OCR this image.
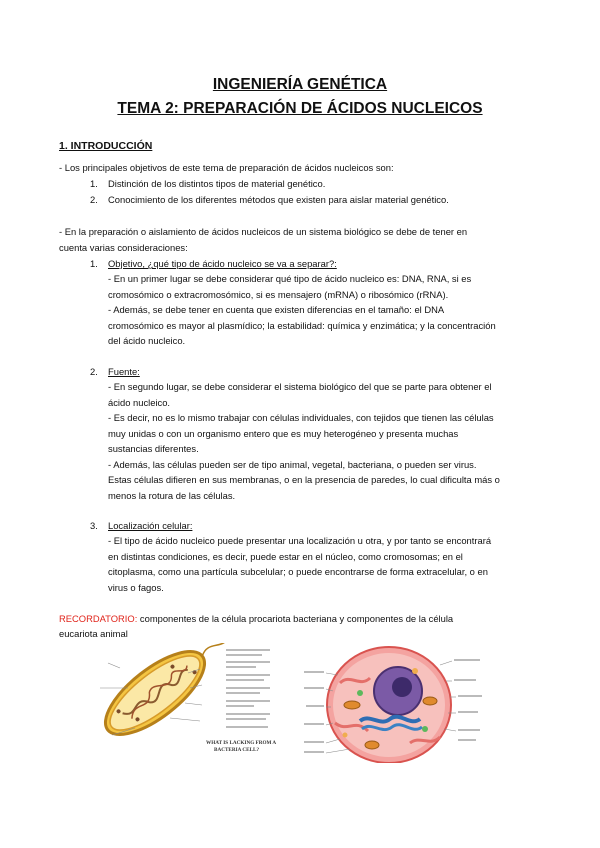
INGENIERÍA GENÉTICA
TEMA 2: PREPARACIÓN DE ÁCIDOS NUCLEICOS
1. INTRODUCCIÓN
- Los principales objetivos de este tema de preparación de ácidos nucleicos son:
1. Distinción de los distintos tipos de material genético.
2. Conocimiento de los diferentes métodos que existen para aislar material genético.
- En la preparación o aislamiento de ácidos nucleicos de un sistema biológico se debe de tener en
cuenta varias consideraciones:
1. Objetivo, ¿qué tipo de ácido nucleico se va a separar?:
- En un primer lugar se debe considerar qué tipo de ácido nucleico es: DNA, RNA, si es
cromosómico o extracromosómico, si es mensajero (mRNA) o ribosómico (rRNA).
- Además, se debe tener en cuenta que existen diferencias en el tamaño: el DNA
cromosómico es mayor al plasmídico; la estabilidad: química y enzimática; y la concentración
del ácido nucleico.
2. Fuente:
- En segundo lugar, se debe considerar el sistema biológico del que se parte para obtener el
ácido nucleico.
- Es decir, no es lo mismo trabajar con células individuales, con tejidos que tienen las células
muy unidas o con un organismo entero que es muy heterogéneo y presenta muchas
sustancias diferentes.
- Además, las células pueden ser de tipo animal, vegetal, bacteriana, o pueden ser virus.
Estas células difieren en sus membranas, o en la presencia de paredes, lo cual dificulta más o
menos la rotura de las células.
3. Localización celular:
- El tipo de ácido nucleico puede presentar una localización u otra, y por tanto se encontrará
en distintas condiciones, es decir, puede estar en el núcleo, como cromosomas; en el
citoplasma, como una partícula subcelular; o puede encontrarse de forma extracelular, o en
virus o fagos.
RECORDATORIO: componentes de la célula procariota bacteriana y componentes de la célula
eucariota animal
WHAT IS LACKING FROM A
BACTERIA CELL?
